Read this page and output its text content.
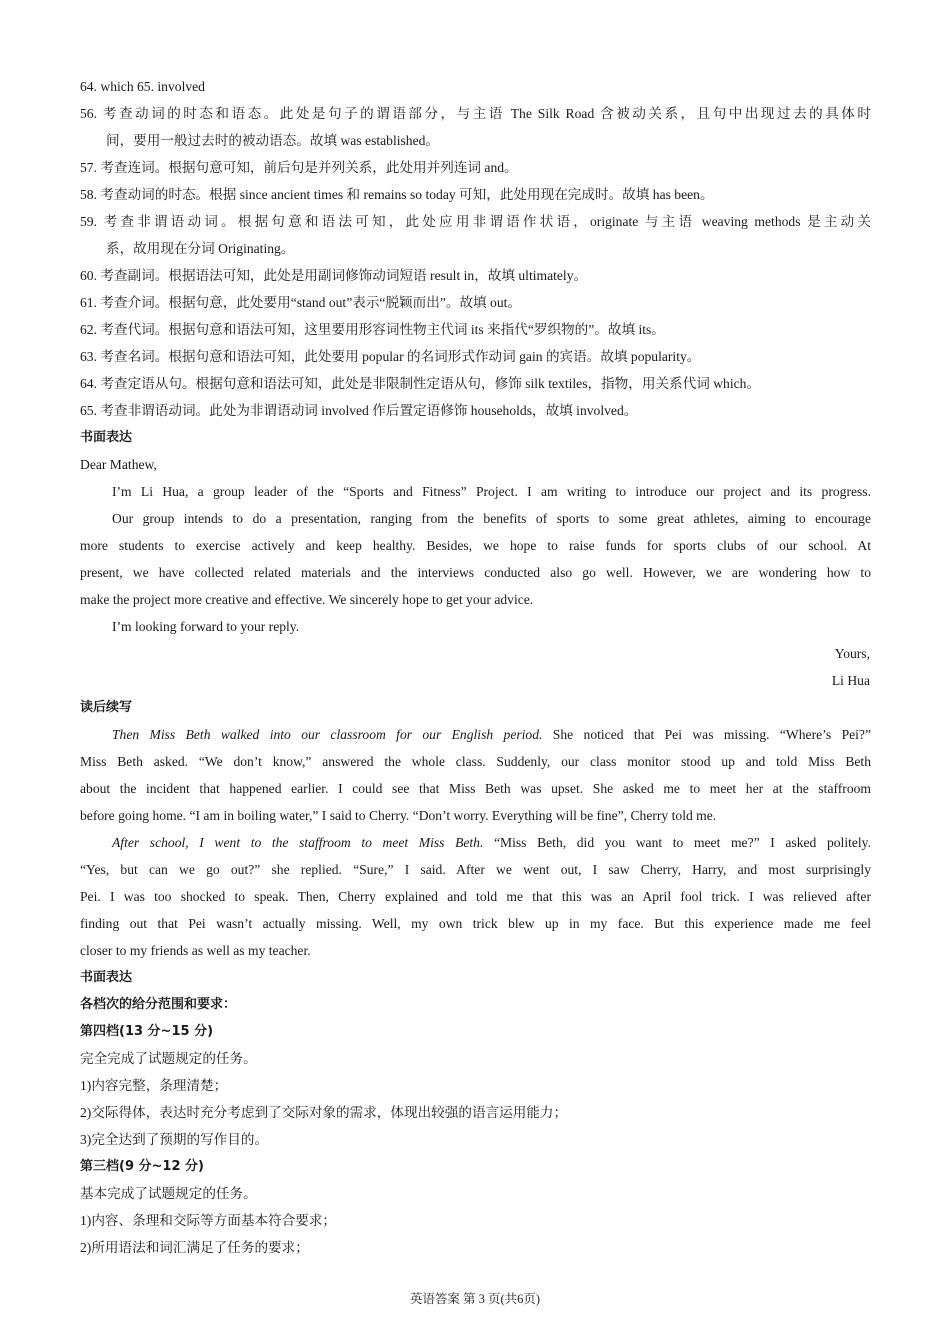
64. which 65. involved
56. 考查动词的时态和语态。此处是句子的谓语部分，与主语 The Silk Road 含被动关系，且句中出现过去的具体时
间，要用一般过去时的被动语态。故填 was established。
57. 考查连词。根据句意可知，前后句是并列关系，此处用并列连词 and。
58. 考查动词的时态。根据 since ancient times 和 remains so today 可知，此处用现在完成时。故填 has been。
59. 考查非谓语动词。根据句意和语法可知，此处应用非谓语作状语，originate 与主语 weaving methods 是主动关
系，故用现在分词 Originating。
60. 考查副词。根据语法可知，此处是用副词修饰动词短语 result in，故填 ultimately。
61. 考查介词。根据句意，此处要用“stand out”表示“脱颖而出”。故填 out。
62. 考查代词。根据句意和语法可知，这里要用形容词性物主代词 its 来指代“罗织物的”。故填 its。
63. 考查名词。根据句意和语法可知，此处要用 popular 的名词形式作动词 gain 的宾语。故填 popularity。
64. 考查定语从句。根据句意和语法可知，此处是非限制性定语从句，修饰 silk textiles，指物，用关系代词 which。
65. 考查非谓语动词。此处为非谓语动词 involved 作后置定语修饰 households，故填 involved。
书面表达
Dear Mathew,
I’m Li Hua, a group leader of the “Sports and Fitness” Project. I am writing to introduce our project and its progress.
Our group intends to do a presentation, ranging from the benefits of sports to some great athletes, aiming to encourage
more students to exercise actively and keep healthy. Besides, we hope to raise funds for sports clubs of our school. At
present, we have collected related materials and the interviews conducted also go well. However, we are wondering how to
make the project more creative and effective. We sincerely hope to get your advice.
I’m looking forward to your reply.
Yours,
Li Hua
读后续写
Then Miss Beth walked into our classroom for our English period. She noticed that Pei was missing. “Where’s Pei?”
Miss Beth asked. “We don’t know,” answered the whole class. Suddenly, our class monitor stood up and told Miss Beth
about the incident that happened earlier. I could see that Miss Beth was upset. She asked me to meet her at the staffroom
before going home. “I am in boiling water,” I said to Cherry. “Don’t worry. Everything will be fine”, Cherry told me.
After school, I went to the staffroom to meet Miss Beth. “Miss Beth, did you want to meet me?” I asked politely.
“Yes, but can we go out?” she replied. “Sure,” I said. After we went out, I saw Cherry, Harry, and most surprisingly
Pei. I was too shocked to speak. Then, Cherry explained and told me that this was an April fool trick. I was relieved after
finding out that Pei wasn’t actually missing. Well, my own trick blew up in my face. But this experience made me feel
closer to my friends as well as my teacher.
书面表达
各档次的给分范围和要求：
第四档(13 分~15 分)
完全完成了试题规定的任务。
1)内容完整，条理清楚；
2)交际得体，表达时充分考虑到了交际对象的需求，体现出较强的语言运用能力；
3)完全达到了预期的写作目的。
第三档(9 分~12 分)
基本完成了试题规定的任务。
1)内容、条理和交际等方面基本符合要求；
2)所用语法和词汇满足了任务的要求；
英语答案 第 3 页(共6页)
